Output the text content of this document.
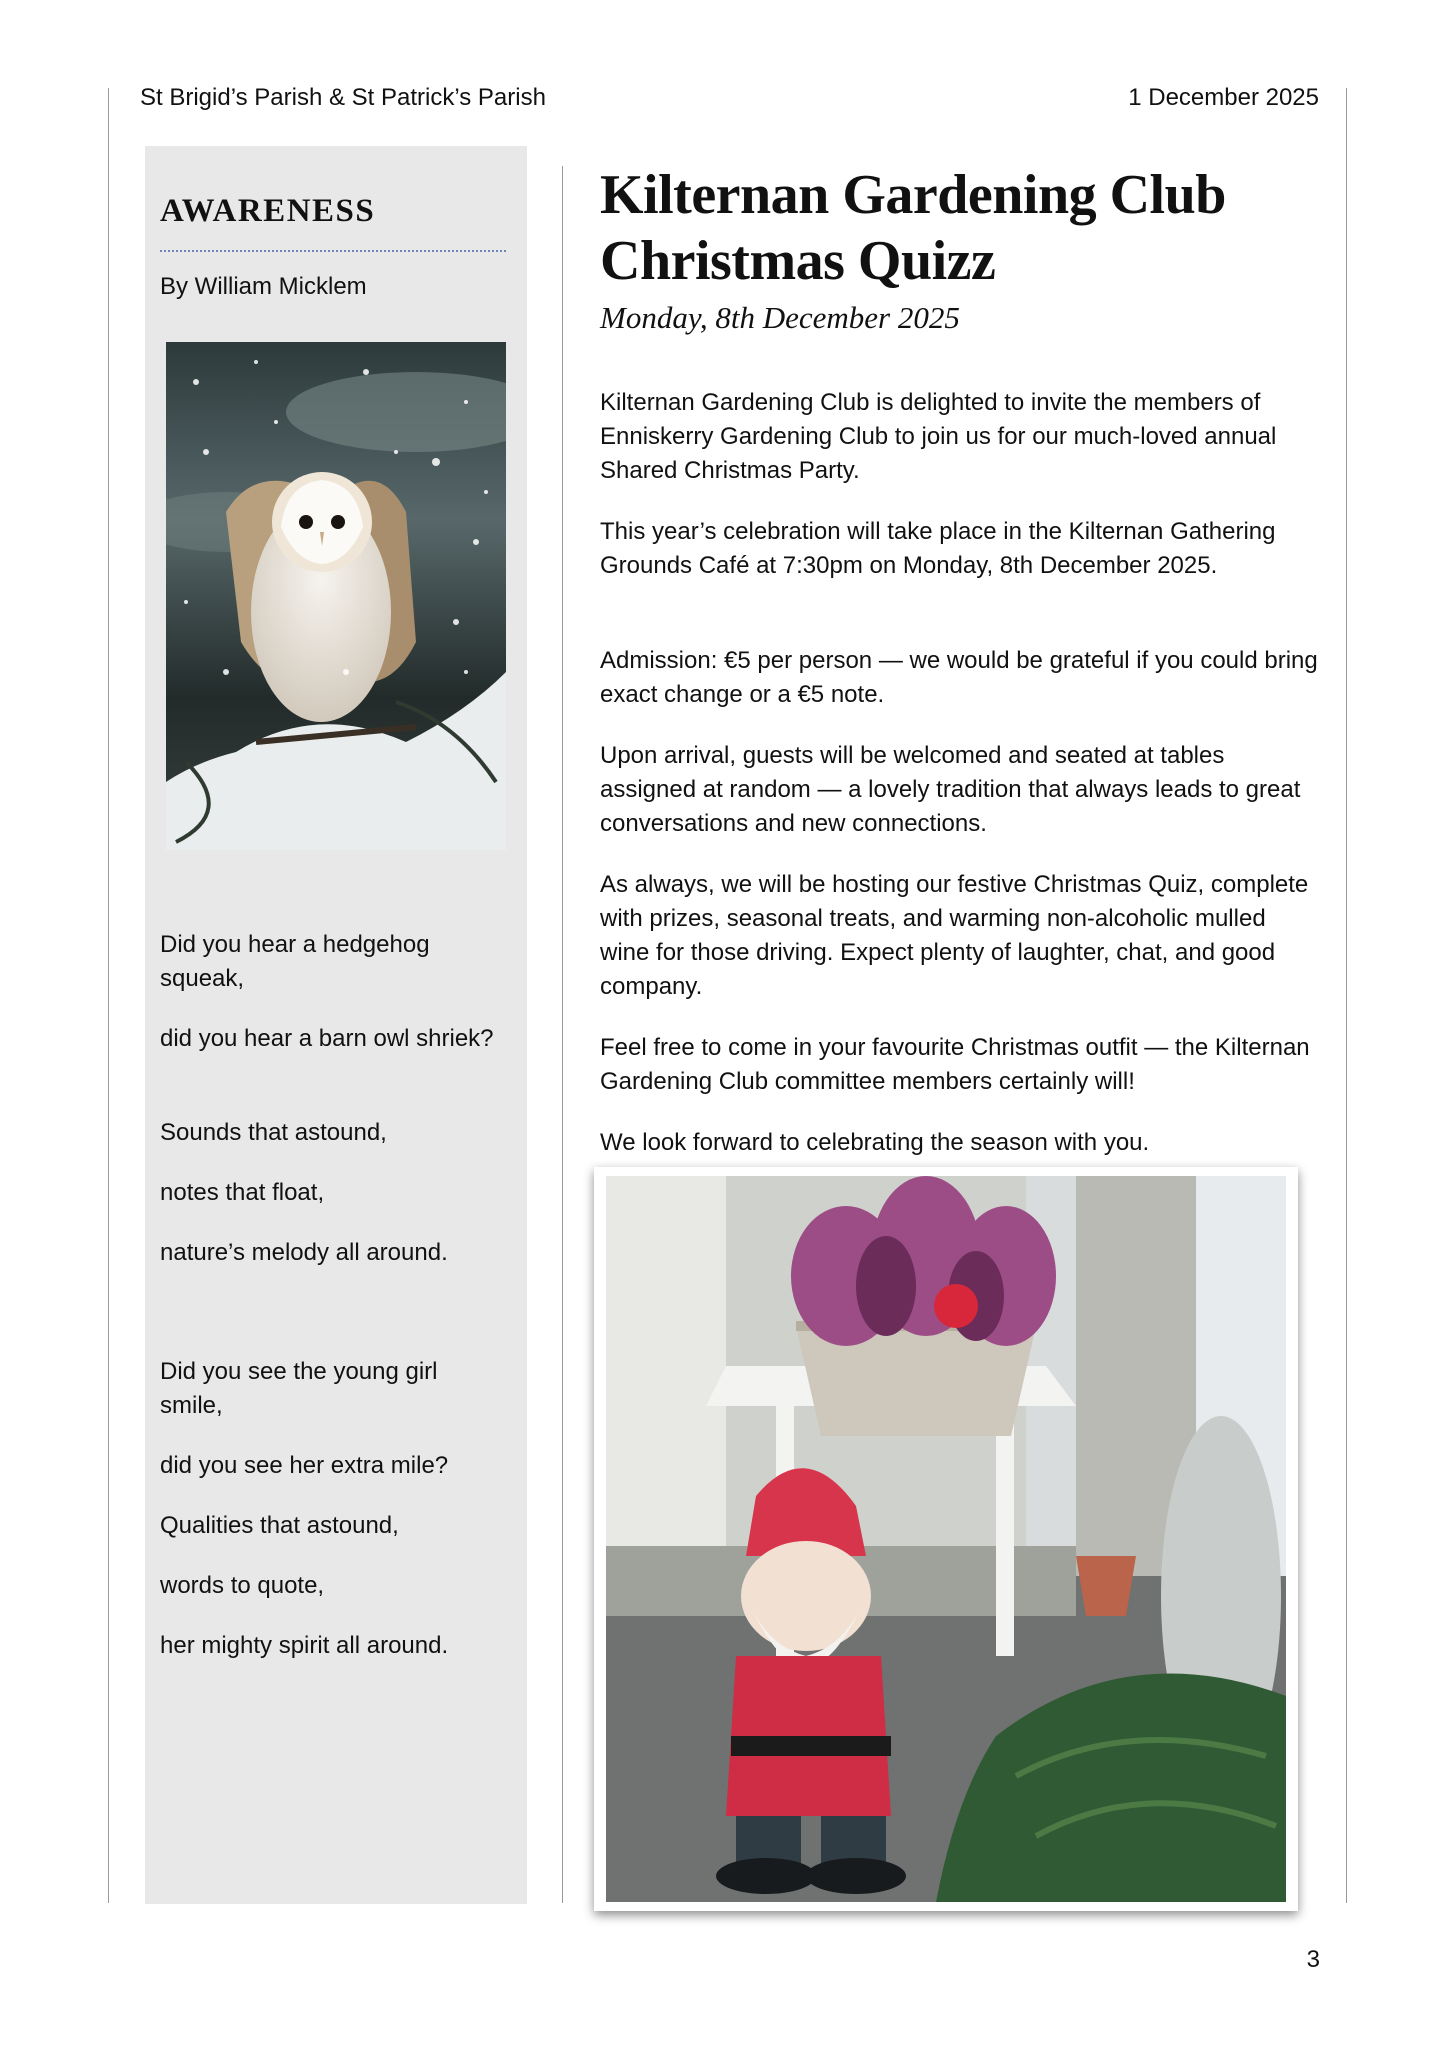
St Brigid’s Parish & St Patrick’s Parish	1 December 2025
AWARENESS
By William Micklem
Did you hear a hedgehog squeak,
did you hear a barn owl shriek?
Sounds that astound,
notes that float,
nature’s melody all around.
Did you see the young girl smile,
did you see her extra mile?
Qualities that astound,
words to quote,
her mighty spirit all around.
Kilternan Gardening Club Christmas Quizz
Monday, 8th December 2025
Kilternan Gardening Club is delighted to invite the members of Enniskerry Gardening Club to join us for our much-loved annual Shared Christmas Party.
This year’s celebration will take place in the Kilternan Gathering Grounds Café at 7:30pm on Monday, 8th December 2025.
Admission: €5 per person — we would be grateful if you could bring exact change or a €5 note.
Upon arrival, guests will be welcomed and seated at tables assigned at random — a lovely tradition that always leads to great conversations and new connections.
As always, we will be hosting our festive Christmas Quiz, complete with prizes, seasonal treats, and warming non-alcoholic mulled wine for those driving. Expect plenty of laughter, chat, and good company.
Feel free to come in your favourite Christmas outfit — the Kilternan Gardening Club committee members certainly will!
We look forward to celebrating the season with you.
3
